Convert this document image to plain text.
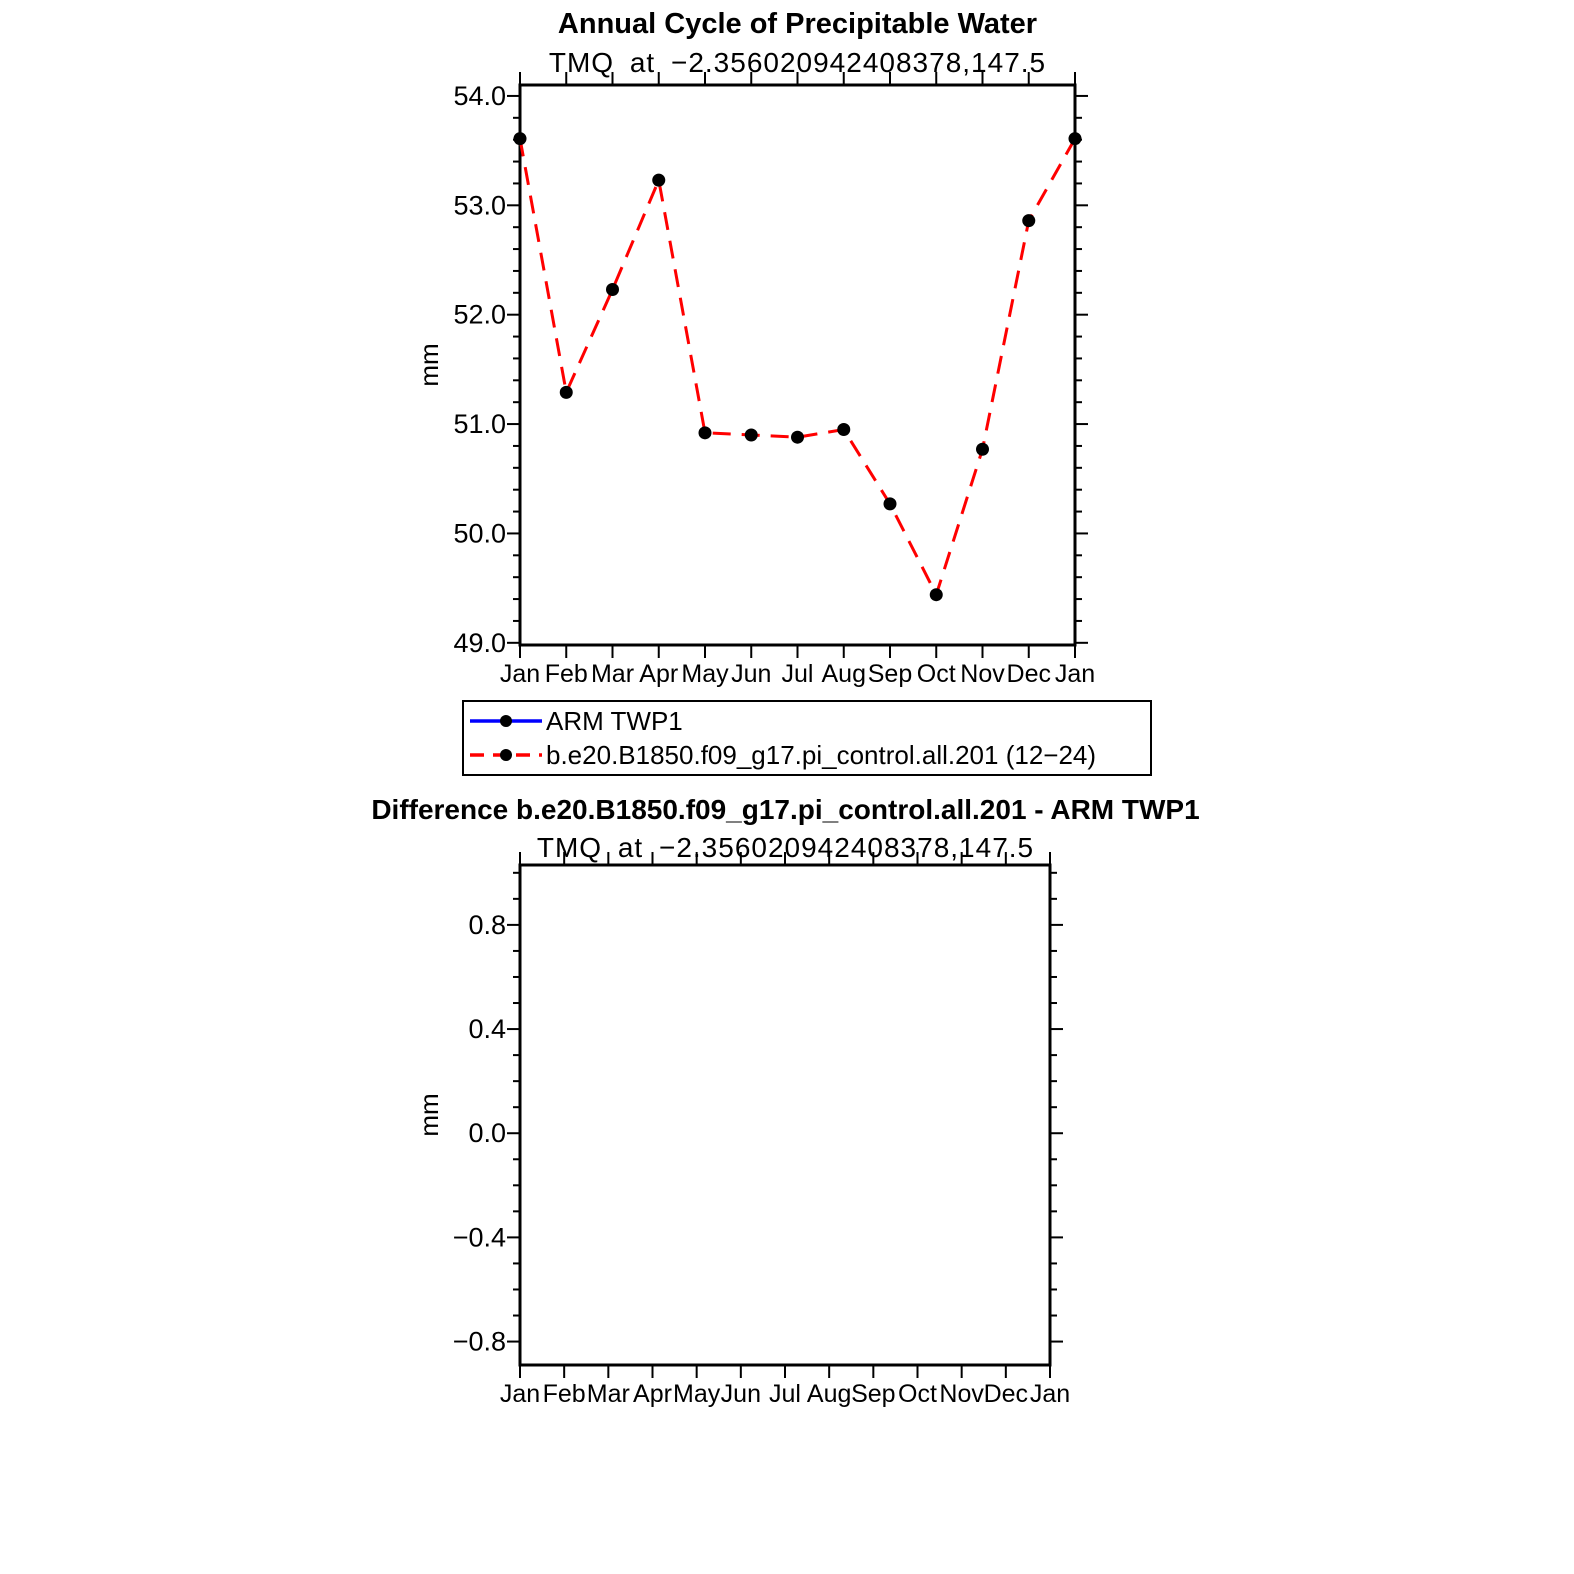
Annual Cycle of Precipitable Water
TMQ at −2.356020942408378,147.5
mm
Difference b.e20.B1850.f09_g17.pi_control.all.201 - ARM TWP1
TMQ at −2.356020942408378,147.5
mm
Jan Feb Mar Apr May Jun Jul Aug Sep Oct Nov Dec Jan
49.0
50.0
51.0
52.0
53.0
54.0
Jan Feb Mar Apr May Jun Jul Aug Sep Oct Nov Dec Jan
−0.8
−0.4
0.0
0.4
0.8
ARM TWP1
b.e20.B1850.f09_g17.pi_control.all.201 (12−24)
